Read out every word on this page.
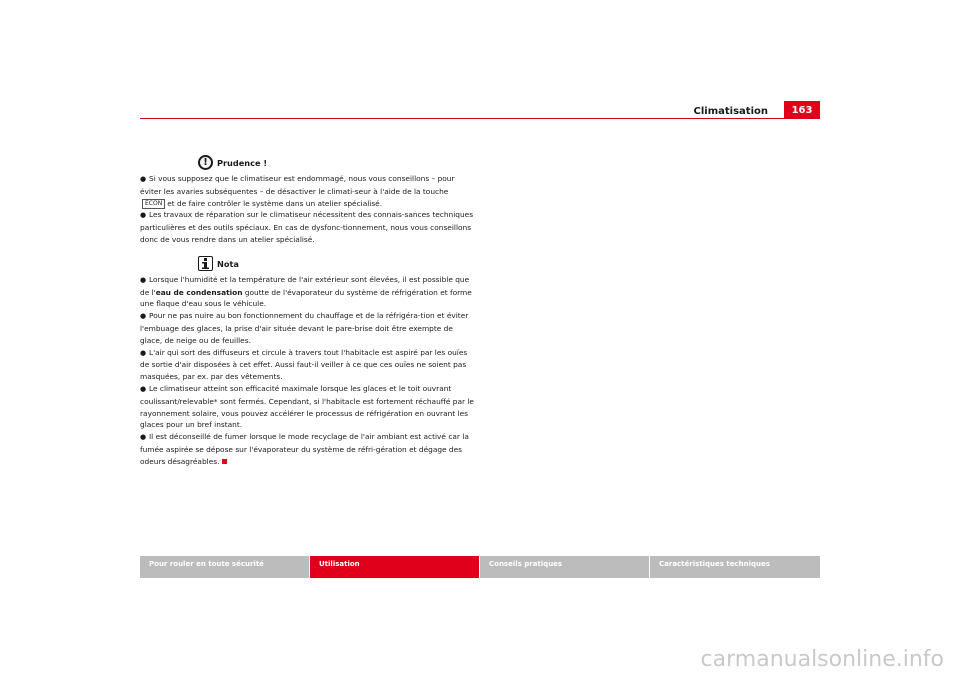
Climatisation	163
!	Prudence !

● Si vous supposez que le climatiseur est endommagé, nous vous conseillons – pour éviter les avaries subséquentes – de désactiver le climati-seur à l'aide de la toucheECON et de faire contrôler le système dans un atelier spécialisé.

● Les travaux de réparation sur le climatiseur nécessitent des connais-sances techniques particulières et des outils spéciaux. En cas de dysfonc-tionnement, nous vous conseillons donc de vous rendre dans un atelier spécialisé.

Nota

● Lorsque l'humidité et la température de l'air extérieur sont élevées, il est possible que de l'eau de condensation goutte de l'évaporateur du système de réfrigération et forme une flaque d'eau sous le véhicule.

● Pour ne pas nuire au bon fonctionnement du chauffage et de la réfrigéra-tion et éviter l'embuage des glaces, la prise d'air située devant le pare-brise doit être exempte de glace, de neige ou de feuilles.

● L'air qui sort des diffuseurs et circule à travers tout l'habitacle est aspiré par les ouïes de sortie d'air disposées à cet effet. Aussi faut-il veiller à ce que ces ouïes ne soient pas masquées, par ex. par des vêtements.

● Le climatiseur atteint son efficacité maximale lorsque les glaces et le toit ouvrant coulissant/relevable* sont fermés. Cependant, si l'habitacle est fortement réchauffé par le rayonnement solaire, vous pouvez accélérer le processus de réfrigération en ouvrant les glaces pour un bref instant.

● Il est déconseillé de fumer lorsque le mode recyclage de l'air ambiant est activé car la fumée aspirée se dépose sur l'évaporateur du système de réfri-gération et dégage des odeurs désagréables.

Pour rouler en toute sécurité	Utilisation	Conseils pratiques	Caractéristiques techniques
carmanualsonline.info
